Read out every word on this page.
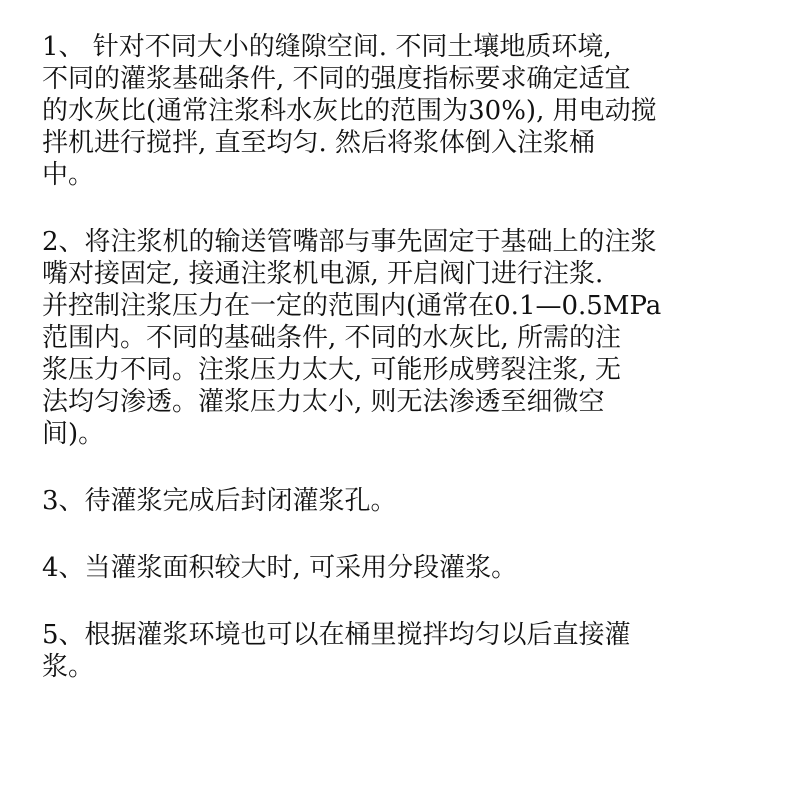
1、 针对不同大小的缝隙空间. 不同土壤地质环境,
不同的灌浆基础条件, 不同的强度指标要求确定适宜
的水灰比(通常注浆科水灰比的范围为30%), 用电动搅
拌机进行搅拌, 直至均匀. 然后将浆体倒入注浆桶
中。

2、将注浆机的输送管嘴部与事先固定于基础上的注浆
嘴对接固定, 接通注浆机电源, 开启阀门进行注浆.
并控制注浆压力在一定的范围内(通常在0.1—0.5MPa
范围内。不同的基础条件, 不同的水灰比, 所需的注
浆压力不同。注浆压力太大, 可能形成劈裂注浆, 无
法均匀渗透。灌浆压力太小, 则无法渗透至细微空
间)。

3、待灌浆完成后封闭灌浆孔。

4、当灌浆面积较大时, 可采用分段灌浆。

5、根据灌浆环境也可以在桶里搅拌均匀以后直接灌
浆。
